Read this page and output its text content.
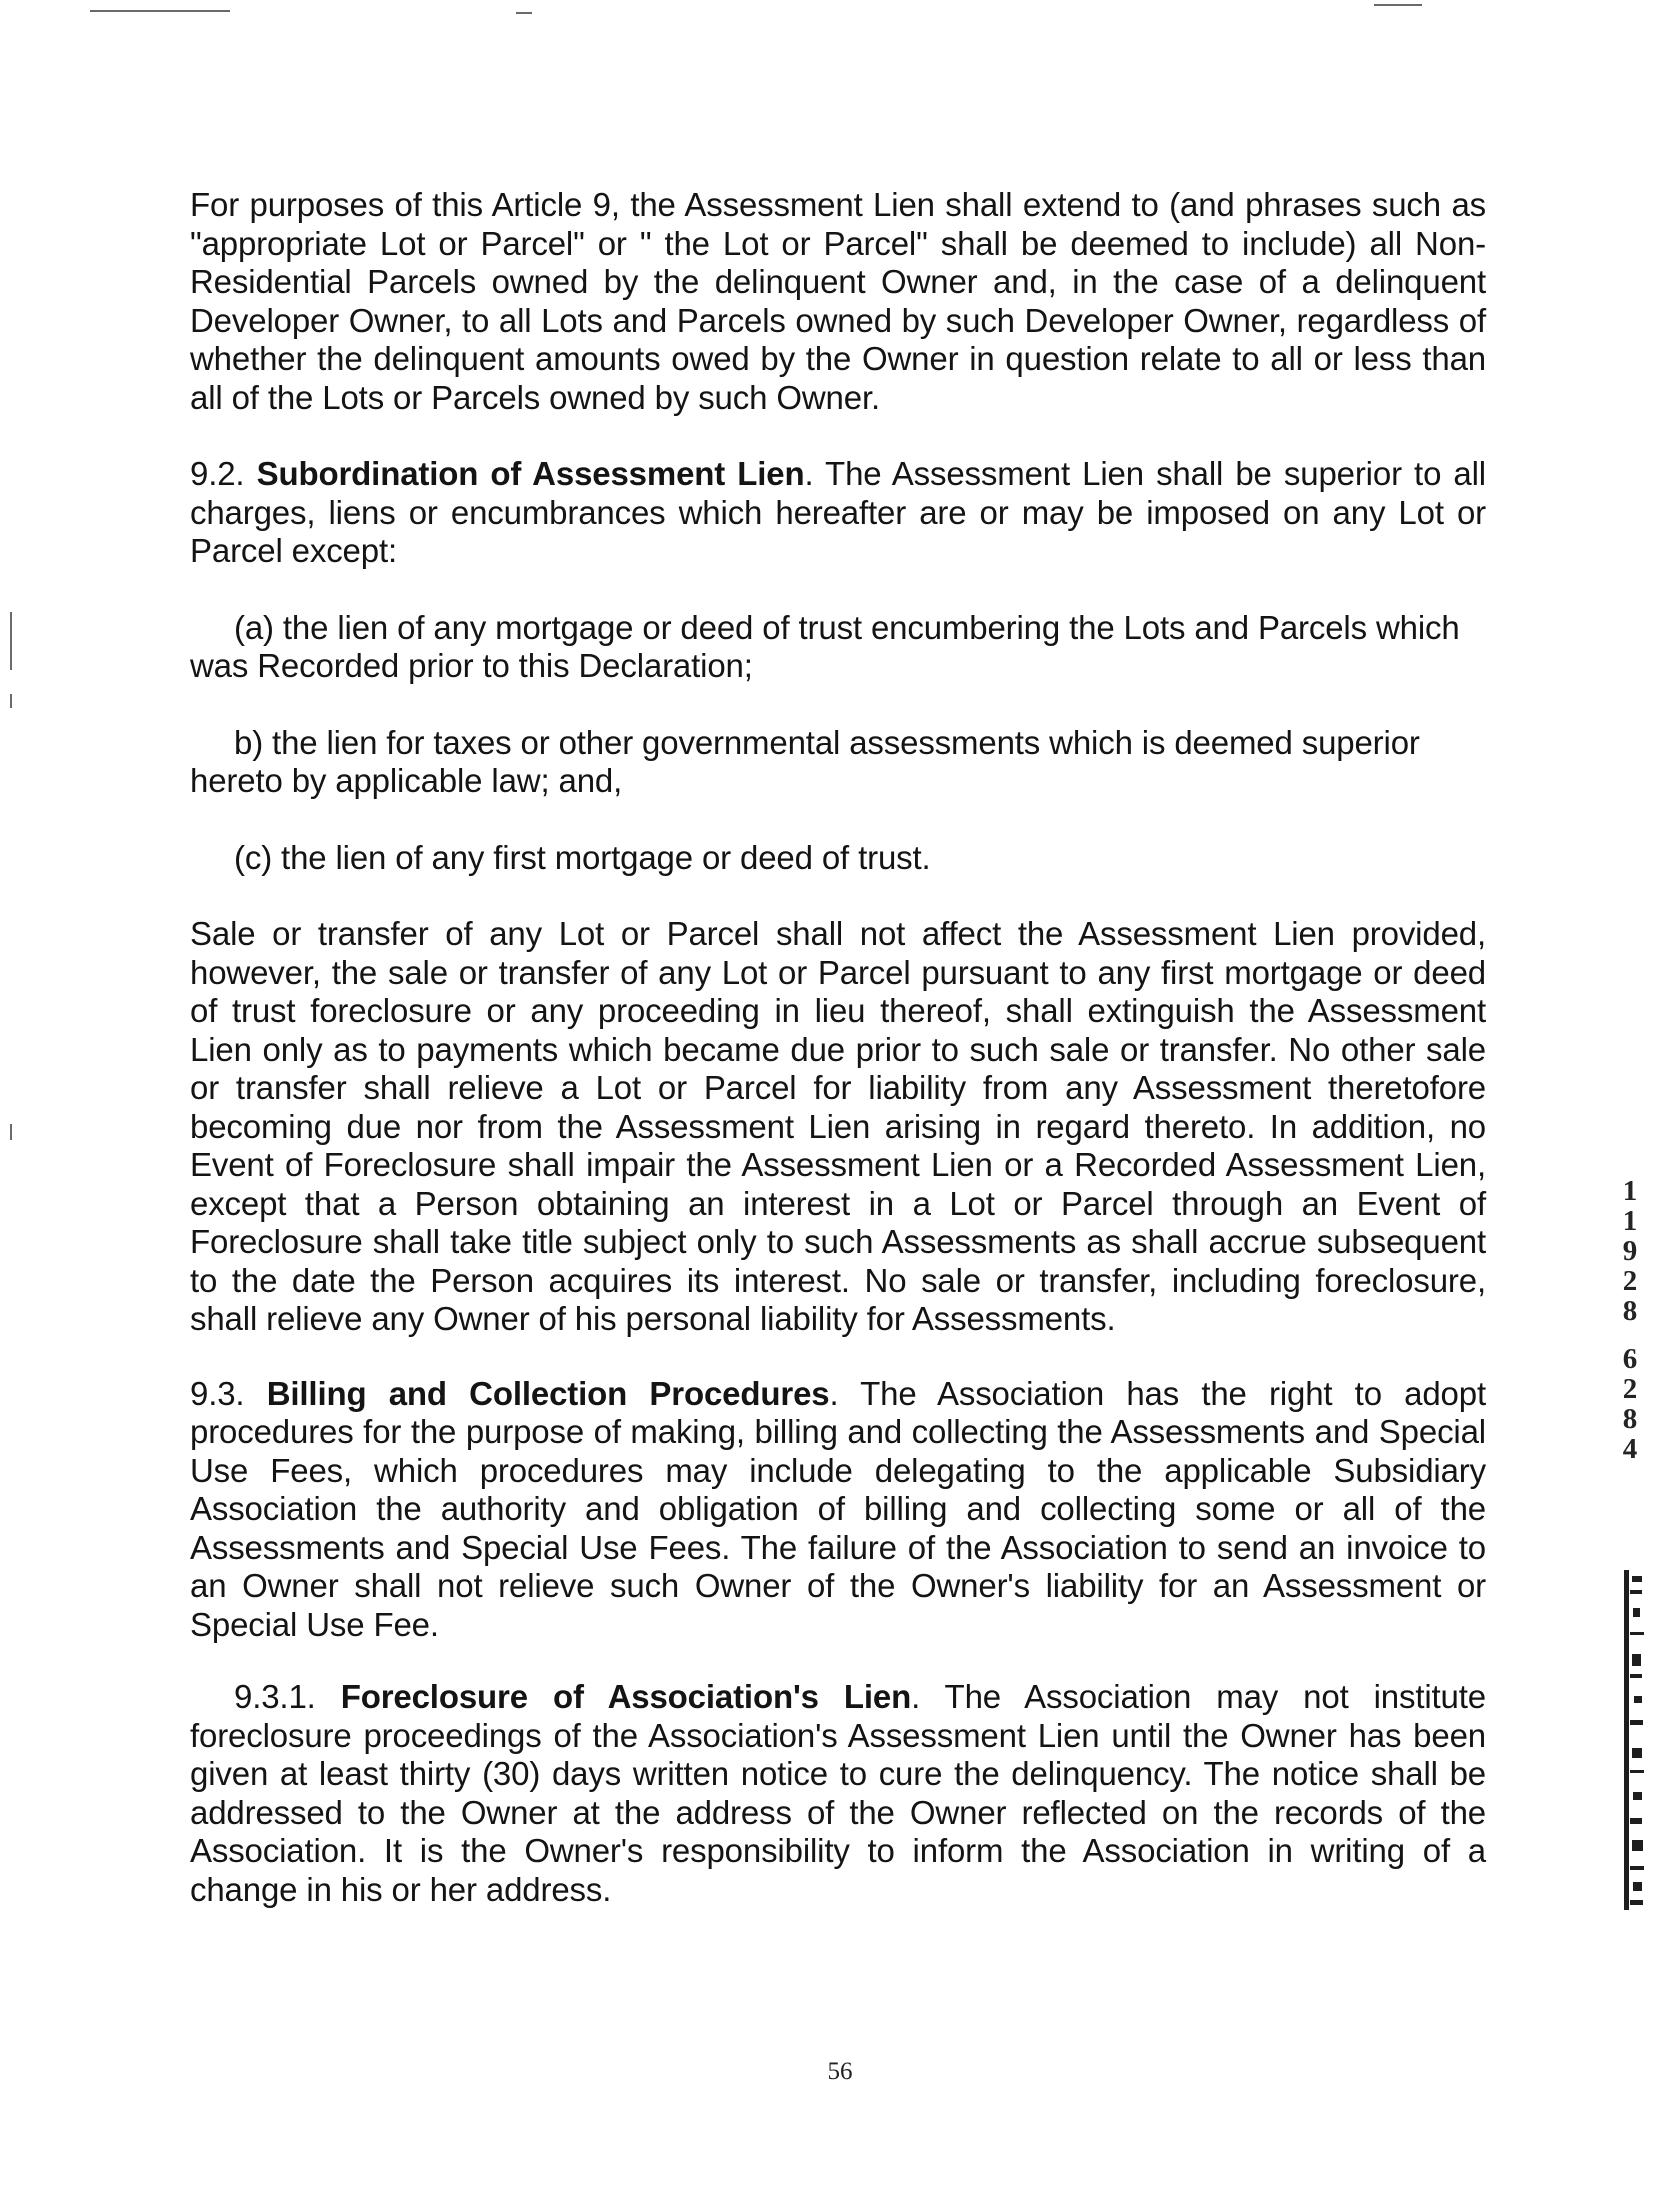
For purposes of this Article 9, the Assessment Lien shall extend to (and phrases such as "appropriate Lot or Parcel" or " the Lot or Parcel" shall be deemed to include) all Non-Residential Parcels owned by the delinquent Owner and, in the case of a delinquent Developer Owner, to all Lots and Parcels owned by such Developer Owner, regardless of whether the delinquent amounts owed by the Owner in question relate to all or less than all of the Lots or Parcels owned by such Owner.

9.2. Subordination of Assessment Lien. The Assessment Lien shall be superior to all charges, liens or encumbrances which hereafter are or may be imposed on any Lot or Parcel except:

(a) the lien of any mortgage or deed of trust encumbering the Lots and Parcels which was Recorded prior to this Declaration;

b) the lien for taxes or other governmental assessments which is deemed superior hereto by applicable law; and,

(c) the lien of any first mortgage or deed of trust.

Sale or transfer of any Lot or Parcel shall not affect the Assessment Lien provided, however, the sale or transfer of any Lot or Parcel pursuant to any first mortgage or deed of trust foreclosure or any proceeding in lieu thereof, shall extinguish the Assessment Lien only as to payments which became due prior to such sale or transfer. No other sale or transfer shall relieve a Lot or Parcel for liability from any Assessment theretofore becoming due nor from the Assessment Lien arising in regard thereto. In addition, no Event of Foreclosure shall impair the Assessment Lien or a Recorded Assessment Lien, except that a Person obtaining an interest in a Lot or Parcel through an Event of Foreclosure shall take title subject only to such Assessments as shall accrue subsequent to the date the Person acquires its interest. No sale or transfer, including foreclosure, shall relieve any Owner of his personal liability for Assessments.

9.3. Billing and Collection Procedures. The Association has the right to adopt procedures for the purpose of making, billing and collecting the Assessments and Special Use Fees, which procedures may include delegating to the applicable Subsidiary Association the authority and obligation of billing and collecting some or all of the Assessments and Special Use Fees. The failure of the Association to send an invoice to an Owner shall not relieve such Owner of the Owner's liability for an Assessment or Special Use Fee.

9.3.1. Foreclosure of Association's Lien. The Association may not institute foreclosure proceedings of the Association's Assessment Lien until the Owner has been given at least thirty (30) days written notice to cure the delinquency. The notice shall be addressed to the Owner at the address of the Owner reflected on the records of the Association. It is the Owner's responsibility to inform the Association in writing of a change in his or her address.

56
1
1
9
2
8
6
2
8
4
